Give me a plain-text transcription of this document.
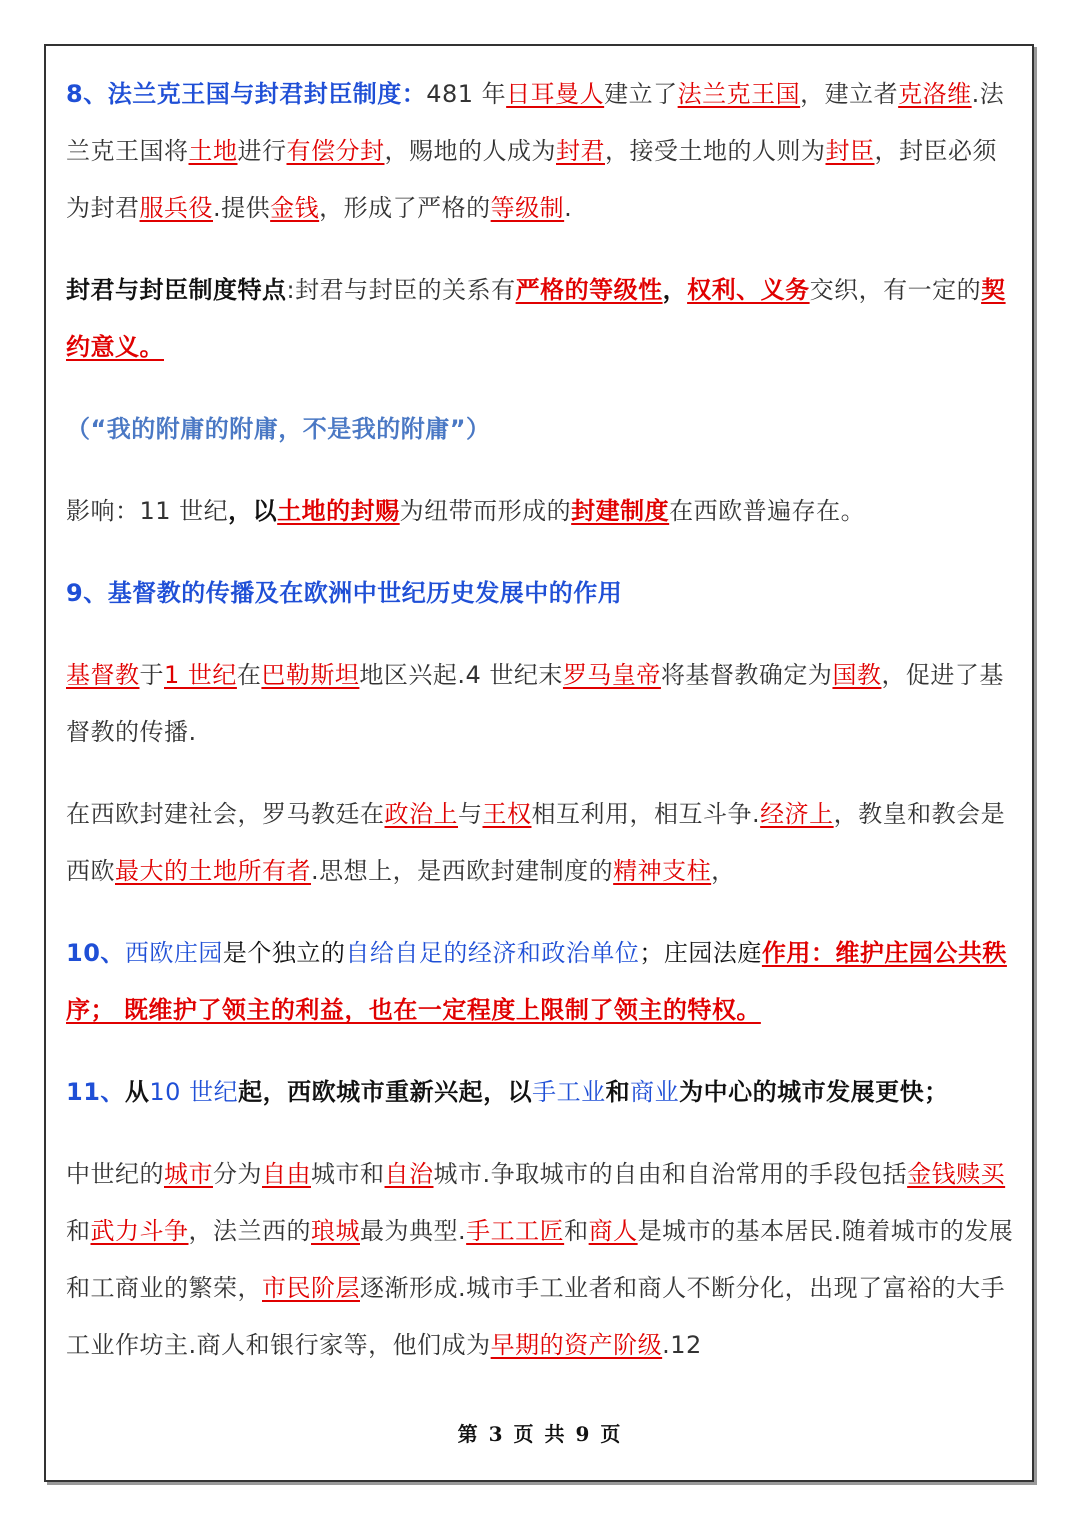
8、法兰克王国与封君封臣制度：481 年日耳曼人建立了法兰克王国，建立者克洛维.法兰克王国将土地进行有偿分封，赐地的人成为封君，接受土地的人则为封臣，封臣必须为封君服兵役.提供金钱，形成了严格的等级制.

封君与封臣制度特点:封君与封臣的关系有严格的等级性，权利、义务交织，有一定的契约意义。

（“我的附庸的附庸，不是我的附庸”）

影响：11 世纪，以土地的封赐为纽带而形成的封建制度在西欧普遍存在。

9、基督教的传播及在欧洲中世纪历史发展中的作用

基督教于1 世纪在巴勒斯坦地区兴起.4 世纪末罗马皇帝将基督教确定为国教，促进了基督教的传播.

在西欧封建社会，罗马教廷在政治上与王权相互利用，相互斗争.经济上，教皇和教会是西欧最大的土地所有者.思想上，是西欧封建制度的精神支柱，

10、西欧庄园是个独立的自给自足的经济和政治单位；庄园法庭作用：维护庄园公共秩序； 既维护了领主的利益，也在一定程度上限制了领主的特权。

11、从10 世纪起，西欧城市重新兴起，以手工业和商业为中心的城市发展更快；

中世纪的城市分为自由城市和自治城市.争取城市的自由和自治常用的手段包括金钱赎买和武力斗争，法兰西的琅城最为典型.手工工匠和商人是城市的基本居民.随着城市的发展和工商业的繁荣，市民阶层逐渐形成.城市手工业者和商人不断分化，出现了富裕的大手工业作坊主.商人和银行家等，他们成为早期的资产阶级.12

第 3 页 共 9 页
